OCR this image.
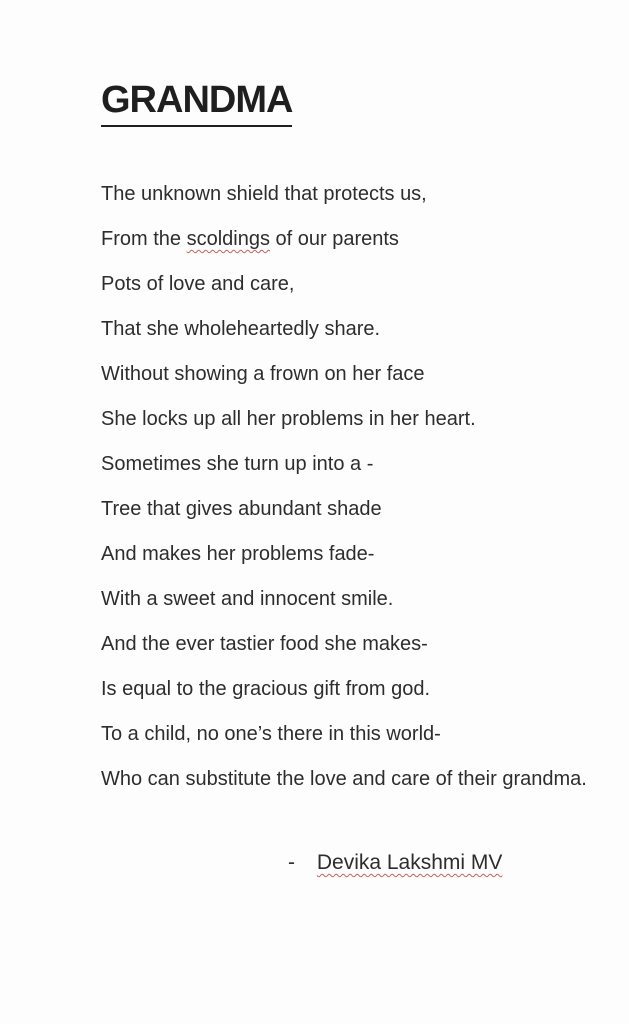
GRANDMA

The unknown shield that protects us,

From the scoldings of our parents

Pots of love and care,

That she wholeheartedly share.

Without showing a frown on her face

She locks up all her problems in her heart.

Sometimes she turn up into a -

Tree that gives abundant shade

And makes her problems fade-

With a sweet and innocent smile.

And the ever tastier food she makes-

Is equal to the gracious gift from god.

To a child, no one’s there in this world-

Who can substitute the love and care of their grandma.

- Devika Lakshmi MV
